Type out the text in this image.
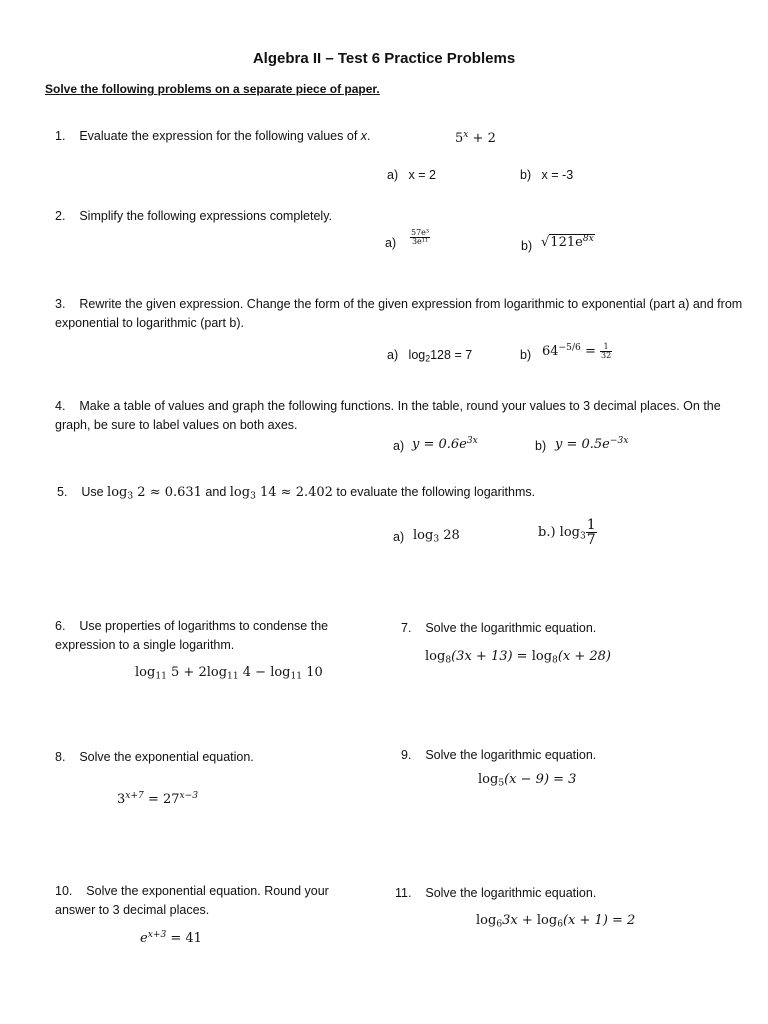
Algebra II – Test 6 Practice Problems
Solve the following problems on a separate piece of paper.
1. Evaluate the expression for the following values of x.	$5^x + 2$
a) x = 2	b) x = -3
2. Simplify the following expressions completely.
$a) \frac{\text{57e³}}{\text{3e¹¹}}$	b) $√121e^{8x}$
3. Rewrite the given expression. Change the form of the given expression from logarithmic to exponential (part a) and from exponential to logarithmic (part b).
a) $\log_2128 = 7$	b) $64^{-5/6} = \frac{1}{32}$
4. Make a table of values and graph the following functions. In the table, round your values to 3 decimal places. On the graph, be sure to label values on both axes.
a) $y = 0.6e^{3x}$	b) $y = 0.5e^{-3x}$
5. Use $\log_3 2 \approx 0.631$ and $\log_3 14 \approx 2.402$ to evaluate the following logarithms.
a) $\log_3 28$	b.) $\log_3 \frac{1}{7}$
6. Use properties of logarithms to condense the expression to a single logarithm.
$\log_{11} 5 + 2\log_{11}$ $4 - \log_{11} 10$
7. Solve the logarithmic equation.
$\log_8(3x + 13) = \log_8(x + 28)$
8. Solve the exponential equation.
$3^{x+7} = 27^{x-3}$
9. Solve the logarithmic equation.
$\log_5(x - 9) = 3$
10. Solve the exponential equation. Round your answer to 3 decimal places.
$e^{x+3} = 41$
11. Solve the logarithmic equation.
$\log_63x + \log_6(x + 1) = 2$
